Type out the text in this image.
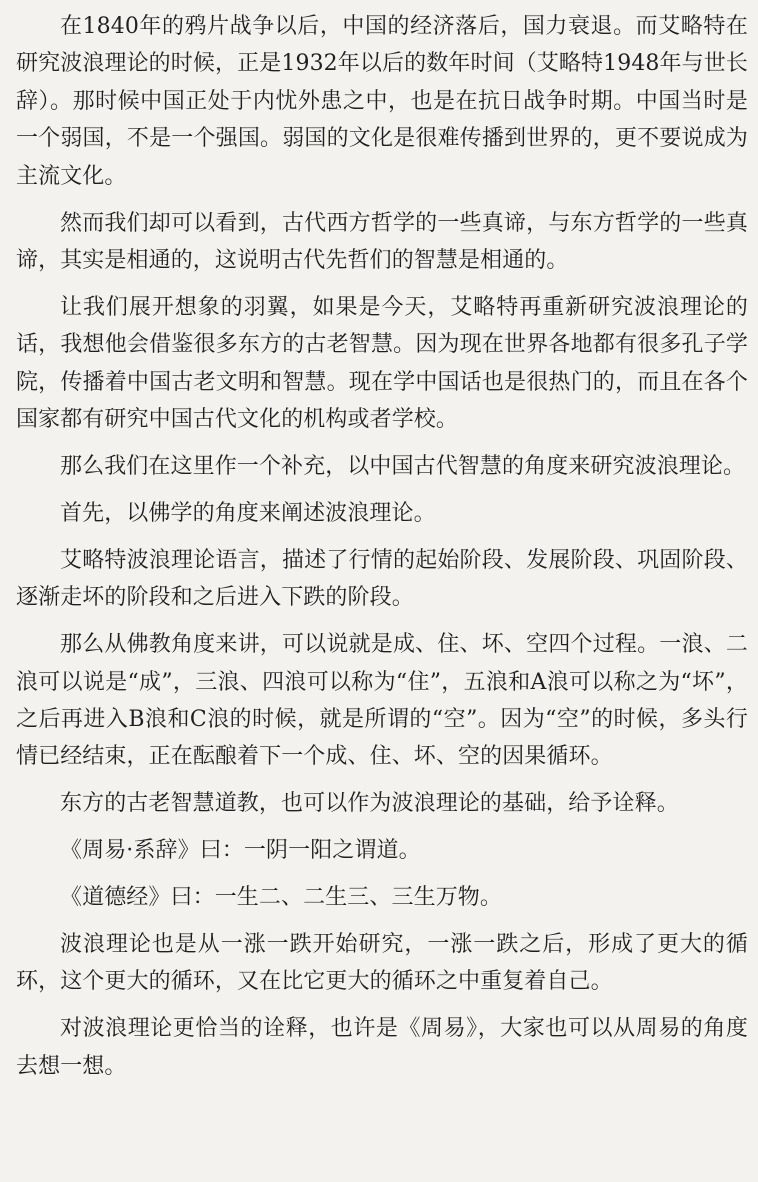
在1840年的鸦片战争以后，中国的经济落后，国力衰退。而艾略特在研究波浪理论的时候，正是1932年以后的数年时间（艾略特1948年与世长辞）。那时候中国正处于内忧外患之中，也是在抗日战争时期。中国当时是一个弱国，不是一个强国。弱国的文化是很难传播到世界的，更不要说成为主流文化。

然而我们却可以看到，古代西方哲学的一些真谛，与东方哲学的一些真谛，其实是相通的，这说明古代先哲们的智慧是相通的。

让我们展开想象的羽翼，如果是今天，艾略特再重新研究波浪理论的话，我想他会借鉴很多东方的古老智慧。因为现在世界各地都有很多孔子学院，传播着中国古老文明和智慧。现在学中国话也是很热门的，而且在各个国家都有研究中国古代文化的机构或者学校。

那么我们在这里作一个补充，以中国古代智慧的角度来研究波浪理论。

首先，以佛学的角度来阐述波浪理论。

艾略特波浪理论语言，描述了行情的起始阶段、发展阶段、巩固阶段、逐渐走坏的阶段和之后进入下跌的阶段。

那么从佛教角度来讲，可以说就是成、住、坏、空四个过程。一浪、二浪可以说是“成”，三浪、四浪可以称为“住”，五浪和A浪可以称之为“坏”，之后再进入B浪和C浪的时候，就是所谓的“空”。因为“空”的时候，多头行情已经结束，正在酝酿着下一个成、住、坏、空的因果循环。

东方的古老智慧道教，也可以作为波浪理论的基础，给予诠释。

《周易·系辞》曰：一阴一阳之谓道。

《道德经》曰：一生二、二生三、三生万物。

波浪理论也是从一涨一跌开始研究，一涨一跌之后，形成了更大的循环，这个更大的循环，又在比它更大的循环之中重复着自己。

对波浪理论更恰当的诠释，也许是《周易》，大家也可以从周易的角度去想一想。
